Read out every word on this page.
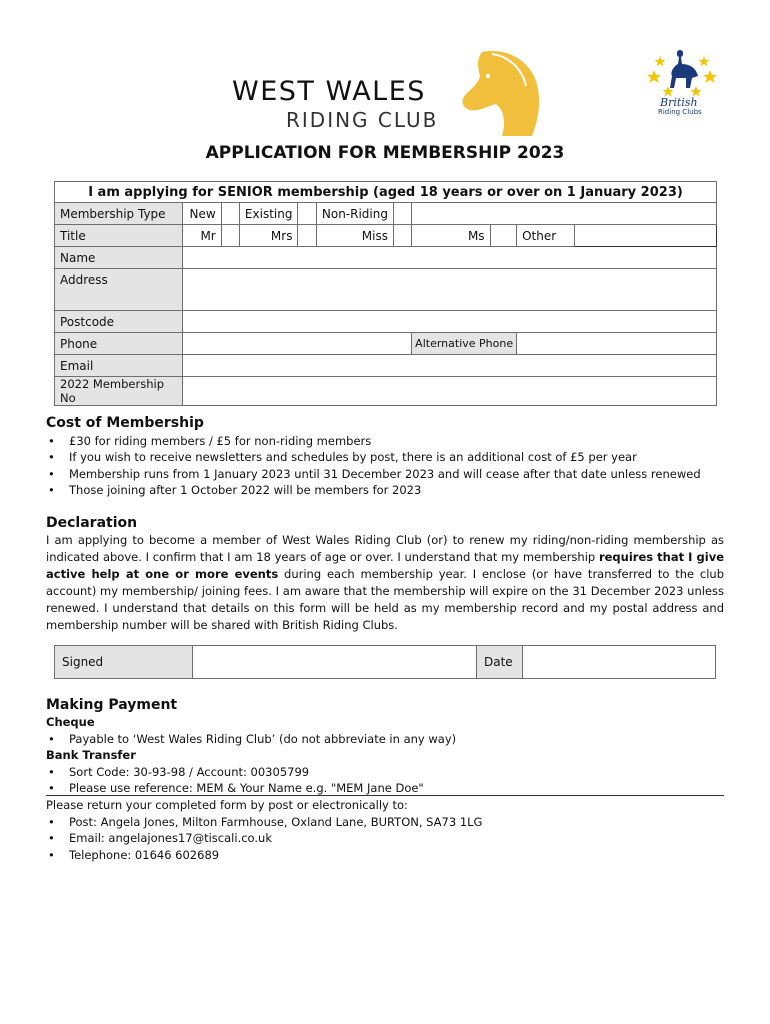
WEST WALES
RIDING CLUB
British
Riding Clubs
APPLICATION FOR MEMBERSHIP 2023
I am applying for SENIOR membership (aged 18 years or over on 1 January 2023)										
Membership Type	New		Existing		Non-Riding					
Title	Mr		Mrs		Miss		Ms		Other	
Name										
Address										
Postcode										
Phone							Alternative Phone			
Email										
2022 Membership No										
Cost of Membership
• £30 for riding members / £5 for non-riding members
• If you wish to receive newsletters and schedules by post, there is an additional cost of £5 per year
• Membership runs from 1 January 2023 until 31 December 2023 and will cease after that date unless renewed
• Those joining after 1 October 2022 will be members for 2023
Declaration
I am applying to become a member of West Wales Riding Club (or) to renew my riding/non-riding membership as indicated above. I confirm that I am 18 years of age or over. I understand that my membership requires that I give active help at one or more events during each membership year. I enclose (or have transferred to the club account) my membership/ joining fees. I am aware that the membership will expire on the 31 December 2023 unless renewed. I understand that details on this form will be held as my membership record and my postal address and membership number will be shared with British Riding Clubs.
Signed		Date	
Making Payment
Cheque
• Payable to ‘West Wales Riding Club’ (do not abbreviate in any way)
Bank Transfer
• Sort Code: 30-93-98 / Account: 00305799
• Please use reference: MEM & Your Name e.g. "MEM Jane Doe"
Please return your completed form by post or electronically to:
• Post: Angela Jones, Milton Farmhouse, Oxland Lane, BURTON, SA73 1LG
• Email: angelajones17@tiscali.co.uk
• Telephone: 01646 602689
